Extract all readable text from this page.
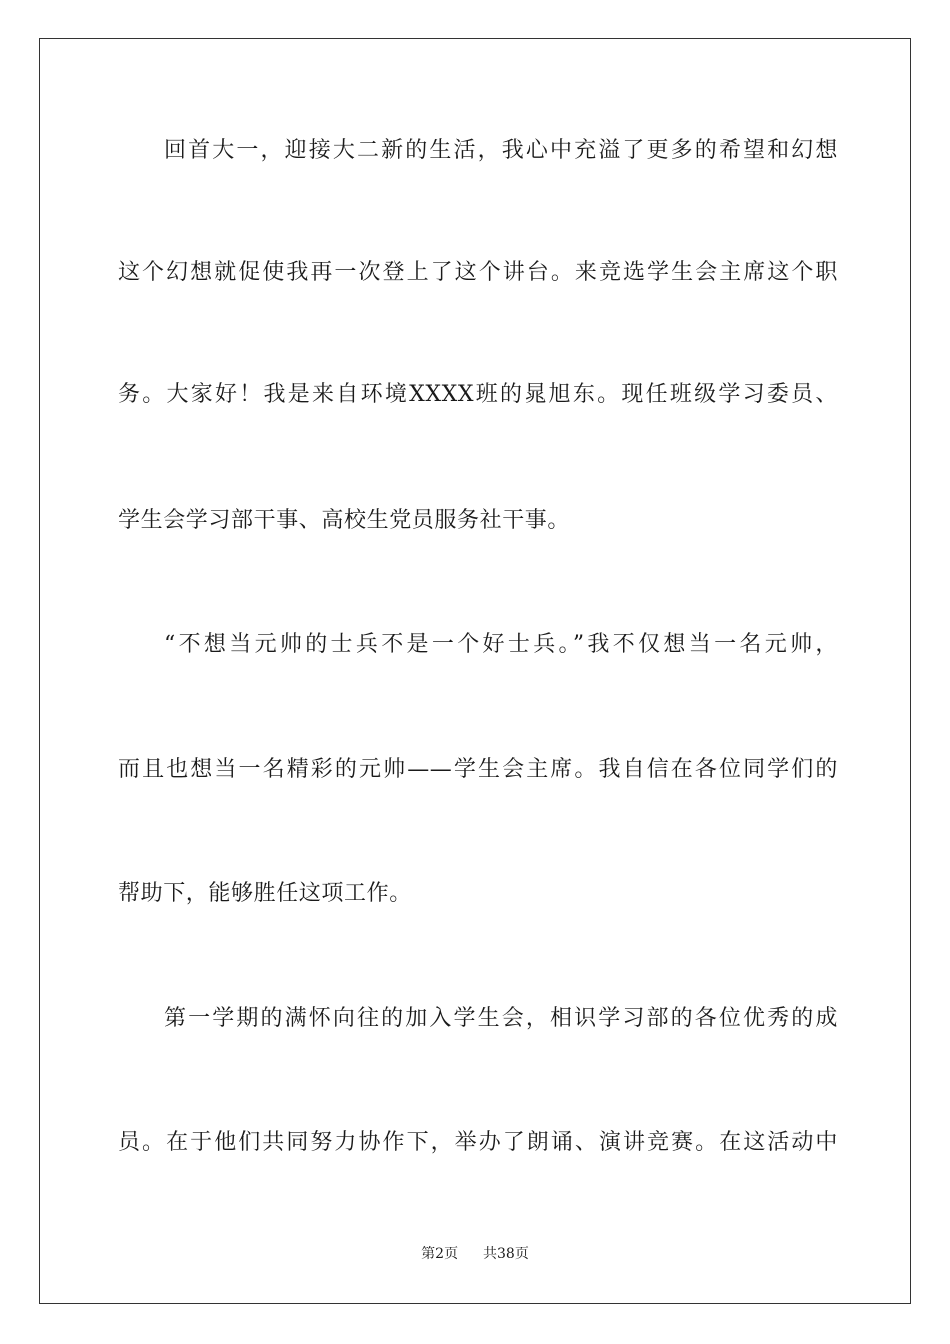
回首大一，迎接大二新的生活，我心中充溢了更多的希望和幻想
这个幻想就促使我再一次登上了这个讲台。来竞选学生会主席这个职
务。大家好！我是来自环境XXXX班的晁旭东。现任班级学习委员、
学生会学习部干事、高校生党员服务社干事。
“不想当元帅的士兵不是一个好士兵。”我不仅想当一名元帅，
而且也想当一名精彩的元帅——学生会主席。我自信在各位同学们的
帮助下，能够胜任这项工作。
第一学期的满怀向往的加入学生会，相识学习部的各位优秀的成
员。在于他们共同努力协作下，举办了朗诵、演讲竞赛。在这活动中
第2页 共38页
